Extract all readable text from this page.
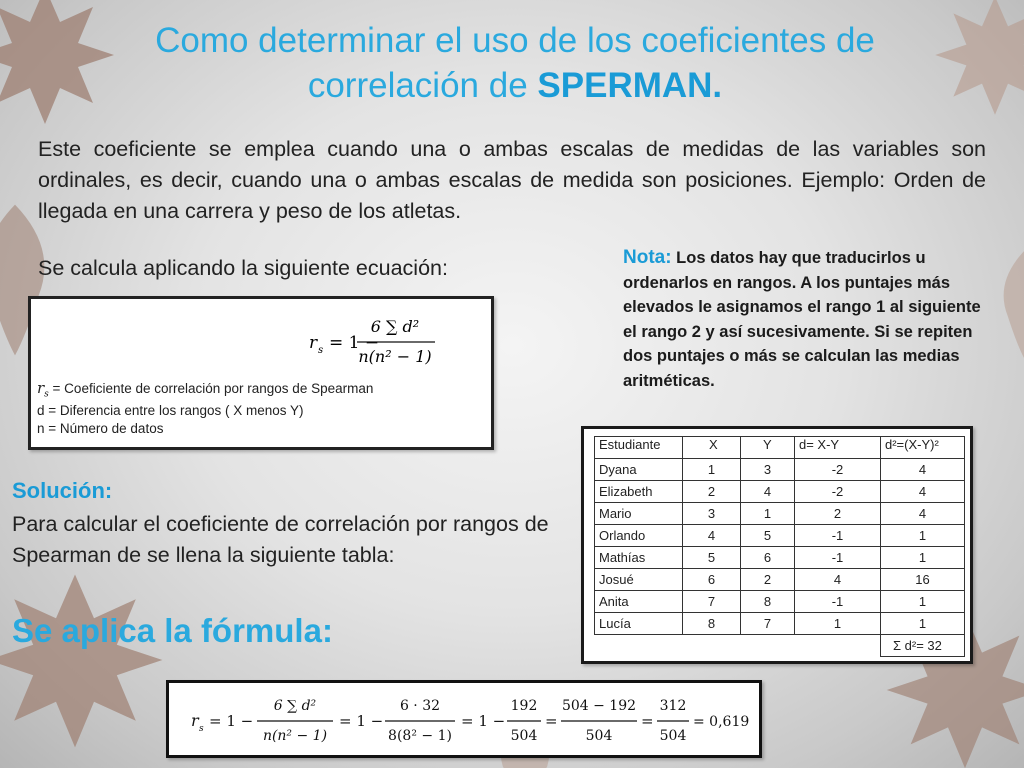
Como determinar el uso de los coeficientes de
correlación de SPERMAN.
Este coeficiente se emplea cuando una o ambas escalas de medidas de las variables son ordinales, es decir, cuando una o ambas escalas de medida son posiciones. Ejemplo: Orden de llegada en una carrera y peso de los atletas.
Se calcula aplicando la siguiente ecuación:	Nota: Los datos hay que traducirlos u ordenarlos en rangos. A los puntajes más elevados le asignamos el rango 1 al siguiente el rango 2 y así sucesivamente. Si se repiten dos puntajes o más se calculan las medias aritméticas.
r s = 1 −
6 ∑ d²
n(n² − 1)
$r_s$ = Coeficiente de correlación por rangos de Spearman
d = Diferencia entre los rangos ( X menos Y)
n = Número de datos
Estudiante	X	Y	d= X-Y	d²=(X-Y)²
Dyana	1	3	-2	4
Elizabeth	2	4	-2	4
Mario	3	1	2	4
Orlando	4	5	-1	1
Mathías	5	6	-1	1
Josué	6	2	4	16
Anita	7	8	-1	1
Lucía	8	7	1	1
				Σ d²= 32
Solución:
Para calcular el coeficiente de correlación por rangos de Spearman de se llena la siguiente tabla:
Se aplica la fórmula:
r s = 1 −
6 ∑ d²
n(n² − 1)
= 1 −
6 · 32
8(8² − 1)
= 1 −
192
504
=
504 − 192
504
=
312
504
= 0,619
